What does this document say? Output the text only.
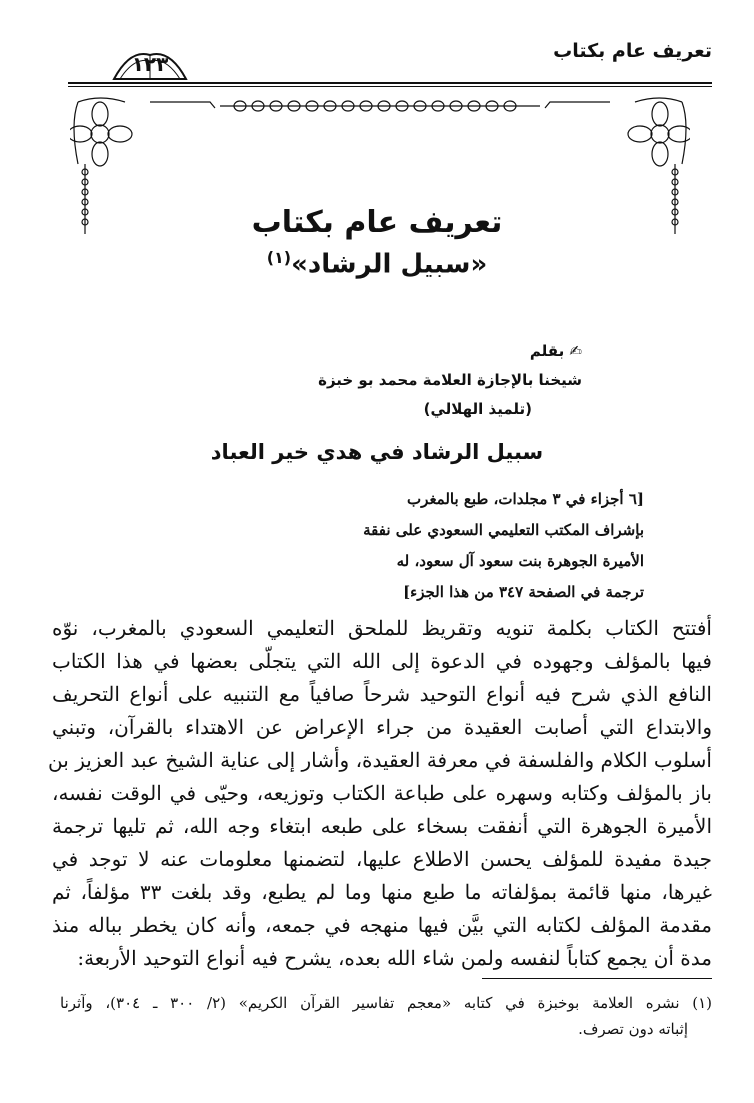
تعريف عام بكتاب
١٢٣
تعريف عام بكتاب
«سبيل الرشاد»$^{(١)}$
✍ بقلم
شيخنا بالإجازة العلامة محمد بو خبزة
(تلميذ الهلالي)
سبيل الرشاد في هدي خير العباد
[٦ أجزاء في ٣ مجلدات، طبع بالمغرب
بإشراف المكتب التعليمي السعودي على نفقة
الأميرة الجوهرة بنت سعود آل سعود، له
ترجمة في الصفحة ٣٤٧ من هذا الجزء]
أفتتح الكتاب بكلمة تنويه وتقريظ للملحق التعليمي السعودي بالمغرب، نوّه
فيها بالمؤلف وجهوده في الدعوة إلى الله التي يتجلّى بعضها في هذا الكتاب
النافع الذي شرح فيه أنواع التوحيد شرحاً صافياً مع التنبيه على أنواع التحريف
والابتداع التي أصابت العقيدة من جراء الإعراض عن الاهتداء بالقرآن، وتبني
أسلوب الكلام والفلسفة في معرفة العقيدة، وأشار إلى عناية الشيخ عبد العزيز بن
باز بالمؤلف وكتابه وسهره على طباعة الكتاب وتوزيعه، وحيّى في الوقت نفسه،
الأميرة الجوهرة التي أنفقت بسخاء على طبعه ابتغاء وجه الله، ثم تليها ترجمة
جيدة مفيدة للمؤلف يحسن الاطلاع عليها، لتضمنها معلومات عنه لا توجد في
غيرها، منها قائمة بمؤلفاته ما طبع منها وما لم يطبع، وقد بلغت ٣٣ مؤلفاً، ثم
مقدمة المؤلف لكتابه التي بيَّن فيها منهجه في جمعه، وأنه كان يخطر بباله منذ
مدة أن يجمع كتاباً لنفسه ولمن شاء الله بعده، يشرح فيه أنواع التوحيد الأربعة:
(١) نشره العلامة بوخبزة في كتابه «معجم تفاسير القرآن الكريم» (٢/ ٣٠٠ ـ ٣٠٤)، وآثرنا
إثباته دون تصرف.
